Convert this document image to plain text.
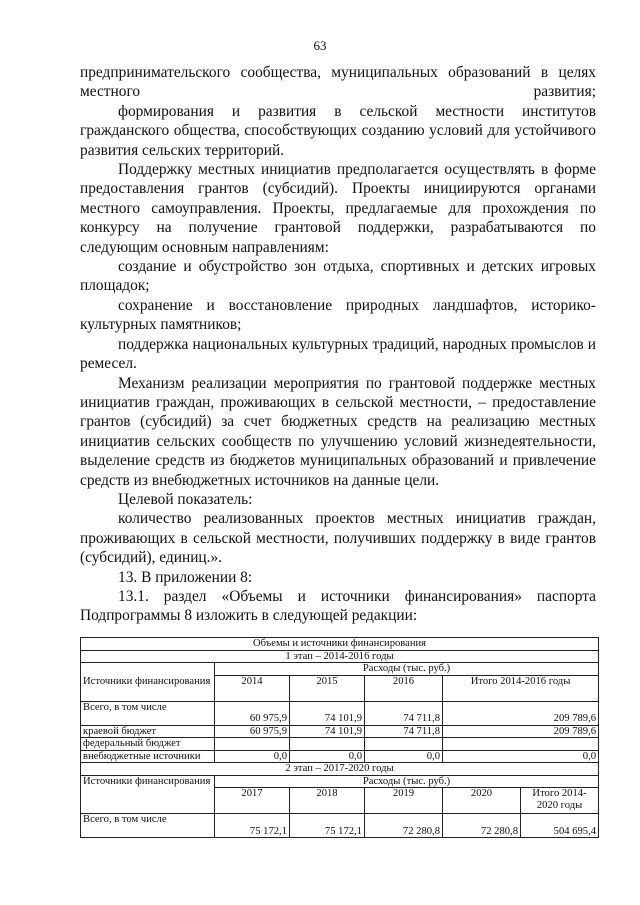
63

предпринимательского сообщества, муниципальных образований в целях местного развития;

формирования и развития в сельской местности институтов гражданского общества, способствующих созданию условий для устойчивого развития сельских территорий.

Поддержку местных инициатив предполагается осуществлять в форме предоставления грантов (субсидий). Проекты инициируются органами местного самоуправления. Проекты, предлагаемые для прохождения по конкурсу на получение грантовой поддержки, разрабатываются по следующим основным направлениям:

создание и обустройство зон отдыха, спортивных и детских игровых площадок;

сохранение и восстановление природных ландшафтов, историко-культурных памятников;

поддержка национальных культурных традиций, народных промыслов и ремесел.

Механизм реализации мероприятия по грантовой поддержке местных инициатив граждан, проживающих в сельской местности, – предоставление грантов (субсидий) за счет бюджетных средств на реализацию местных инициатив сельских сообществ по улучшению условий жизнедеятельности, выделение средств из бюджетов муниципальных образований и привлечение средств из внебюджетных источников на данные цели.

Целевой показатель:

количество реализованных проектов местных инициатив граждан, проживающих в сельской местности, получивших поддержку в виде грантов (субсидий), единиц.».

13. В приложении 8:

13.1. раздел «Объемы и источники финансирования» паспорта Подпрограммы 8 изложить в следующей редакции:

Объемы и источники финансирования					
1 этап – 2014-2016 годы					
Источники финансирования	Расходы (тыс. руб.)				
	2014	2015	2016	Итого 2014-2016 годы	
Всего, в том числе	60 975,9	74 101,9	74 711,8	209 789,6	
краевой бюджет	60 975,9	74 101,9	74 711,8	209 789,6	
федеральный бюджет					
внебюджетные источники	0,0	0,0	0,0	0,0	
2 этап – 2017-2020 годы					
Источники финансирования	Расходы (тыс. руб.)				
	2017	2018	2019	2020	Итого 2014-2020 годы
Всего, в том числе	75 172,1	75 172,1	72 280,8	72 280,8	504 695,4
